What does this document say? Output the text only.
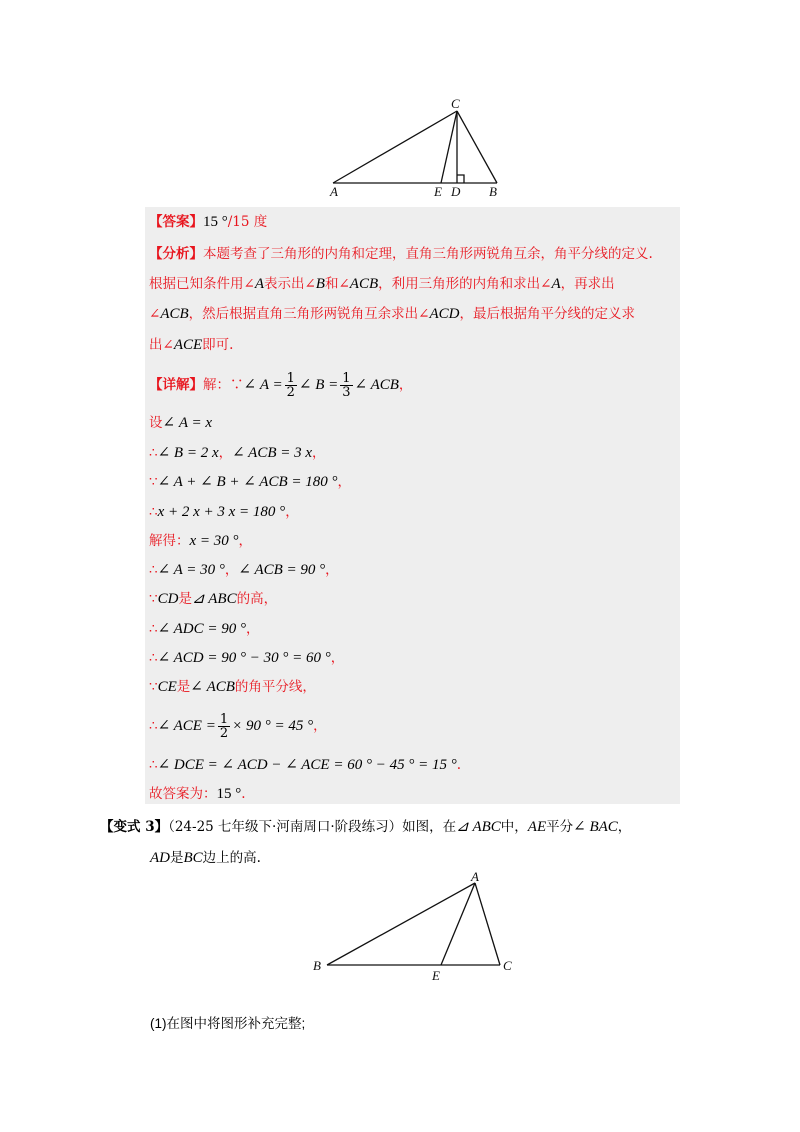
C
A	E D B
【答案】15 °/15 度
【分析】本题考查了三角形的内角和定理，直角三角形两锐角互余，角平分线的定义.
根据已知条件用∠A表示出∠B和∠ACB，利用三角形的内角和求出∠A，再求出
∠ACB，然后根据直角三角形两锐角互余求出∠ACD，最后根据角平分线的定义求
出∠ACE即可.
【详解】解：∵∠ $A = \frac{1}{2}$ ∠ $B = \frac{1}{3}$ ∠ ACB，
设∠ A = x
∴∠ B = 2 x，∠ ACB = 3 x，
∵∠ A + ∠ B + ∠ ACB = 180 °，
∴x + 2 x + 3 x = 180 °，
解得：x = 30 °，
∴∠ A = 30 °，∠ ACB = 90 °，
∵CD是⊿ ABC的高，
∴∠ ADC = 90 °，
∴∠ ACD = 90 ° − 30 ° = 60 °，
∵CE是∠ ACB的角平分线，
∴∠ ACE = $\frac{1}{2} \times 90$ ° = 45 °，
∴∠ DCE = ∠ ACD − ∠ ACE = 60 ° − 45 ° = 15 °.
故答案为：15 °.
【变式 3】（24-25 七年级下·河南周口·阶段练习）如图，在⊿ ABC中，AE平分∠ BAC，
AD是BC边上的高.
A
B
E
C
(1)在图中将图形补充完整;
